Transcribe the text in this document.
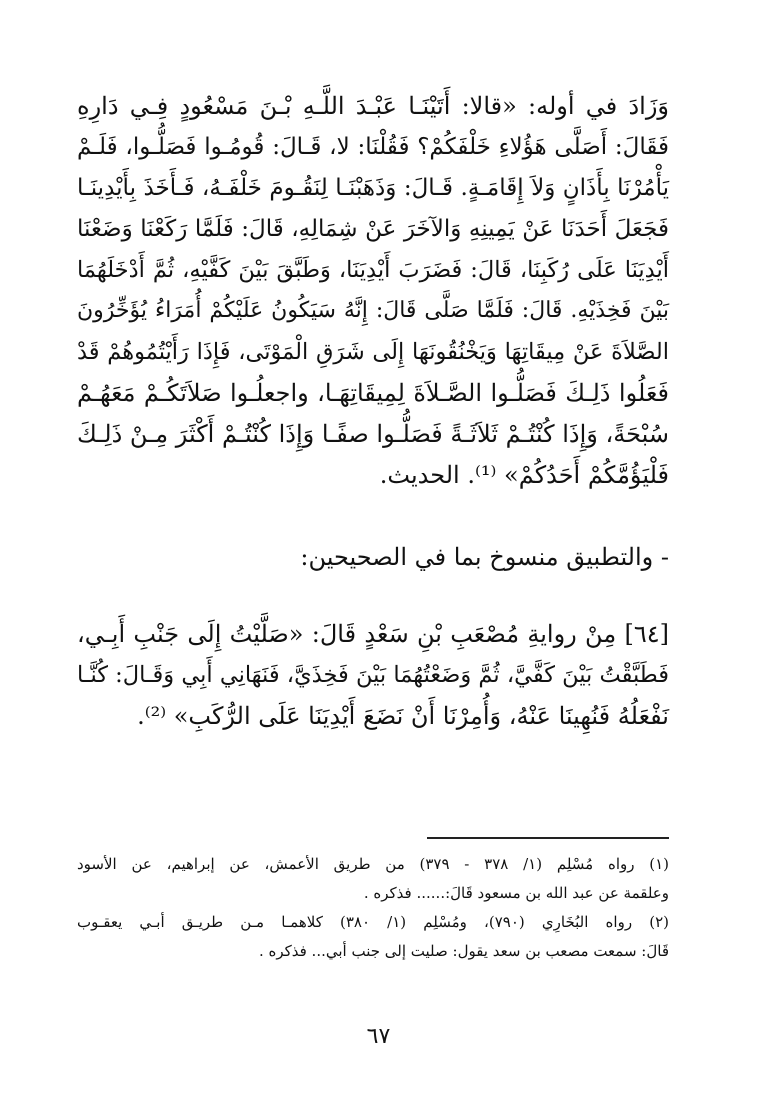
وَزَادَ في أوله: «قالا: أَتَيْنَـا عَبْـدَ اللَّـهِ بْـنَ مَسْعُودٍ فِـي دَارِهِ
فَقَالَ: أَصَلَّى هَؤُلاءِ خَلْفَكُمْ؟ فَقُلْنَا: لا، قَـالَ: قُومُـوا فَصَلُّـوا، فَلَـمْ
يَأْمُرْنَا بِأَذَانٍ وَلاَ إِقَامَـةٍ. قَـالَ: وَذَهَبْنَـا لِنَقُـومَ خَلْفَـهُ، فَـأَخَذَ بِأَيْدِينَـا
فَجَعَلَ أَحَدَنَا عَنْ يَمِينِهِ وَالآخَرَ عَنْ شِمَالِهِ، قَالَ: فَلَمَّا رَكَعْنَا وَضَعْنَا
أَيْدِيَنَا عَلَى رُكَبِنَا، قَالَ: فَضَرَبَ أَيْدِيَنَا، وَطَبَّقَ بَيْنَ كَفَّيْهِ، ثُمَّ أَدْخَلَهُمَا
بَيْنَ فَخِذَيْهِ. قَالَ: فَلَمَّا صَلَّى قَالَ: إِنَّهُ سَيَكُونُ عَلَيْكُمْ أُمَرَاءُ يُؤَخِّرُونَ
الصَّلاَةَ عَنْ مِيقَاتِهَا وَيَخْنُقُونَهَا إِلَى شَرَقِ الْمَوْتَى، فَإِذَا رَأَيْتُمُوهُمْ قَدْ
فَعَلُوا ذَلِـكَ فَصَلُّـوا الصَّـلاَةَ لِمِيقَاتِهَـا، واجعلُـوا صَلاَتَكُـمْ مَعَهُـمْ
سُبْحَةً، وَإِذَا كُنْتُـمْ ثَلاَثَـةً فَصَلُّـوا صفًـا وَإِذَا كُنْتُـمْ أَكْثَرَ مِـنْ ذَلِـكَ
فَلْيَؤُمَّكُمْ أَحَدُكُمْ» ⁽¹⁾. الحديث.
- والتطبيق منسوخ بما في الصحيحين:
[٦٤] مِنْ روايةِ مُصْعَبِ بْنِ سَعْدٍ قَالَ: «صَلَّيْتُ إِلَى جَنْبِ أَبِـي،
فَطَبَّقْتُ بَيْنَ كَفَّيَّ، ثُمَّ وَضَعْتُهُمَا بَيْنَ فَخِذَيَّ، فَنَهَانِي أَبِي وَقَـالَ: كُنَّـا
نَفْعَلُهُ فَنُهِينَا عَنْهُ، وَأُمِرْنَا أَنْ نَضَعَ أَيْدِيَنَا عَلَى الرُّكَبِ» ⁽²⁾.
(١) رواه مُسْلِم (١/ ٣٧٨ - ٣٧٩) من طريق الأعمش، عن إبراهيم، عن الأسود
وعلقمة عن عبد الله بن مسعود قَالَ:...... فذكره .
(٢) رواه البُخَارِي (٧٩٠)، ومُسْلِم (١/ ٣٨٠) كلاهمـا مـن طريـق أبـي يعقـوب
قَالَ: سمعت مصعب بن سعد يقول: صليت إلى جنب أبي... فذكره .
٦٧
